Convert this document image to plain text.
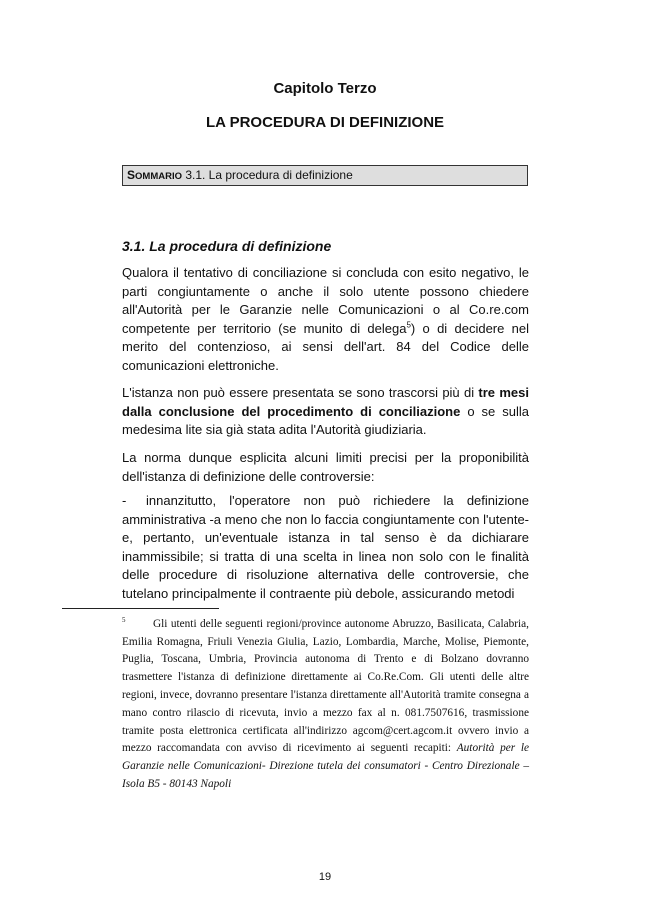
Capitolo Terzo
LA PROCEDURA DI DEFINIZIONE
SOMMARIO 3.1. La procedura di definizione
3.1. La procedura di definizione
Qualora il tentativo di conciliazione si concluda con esito negativo, le parti congiuntamente o anche il solo utente possono chiedere all'Autorità per le Garanzie nelle Comunicazioni o al Co.re.com competente per territorio (se munito di delega$^5$) o di decidere nel merito del contenzioso, ai sensi dell'art. 84 del Codice delle comunicazioni elettroniche.
L'istanza non può essere presentata se sono trascorsi più di tre mesi dalla conclusione del procedimento di conciliazione o se sulla medesima lite sia già stata adita l'Autorità giudiziaria.
La norma dunque esplicita alcuni limiti precisi per la proponibilità dell'istanza di definizione delle controversie:
- innanzitutto, l'operatore non può richiedere la definizione amministrativa -a meno che non lo faccia congiuntamente con l'utente- e, pertanto, un'eventuale istanza in tal senso è da dichiarare inammissibile; si tratta di una scelta in linea non solo con le finalità delle procedure di risoluzione alternativa delle controversie, che tutelano principalmente il contraente più debole, assicurando metodi
$^5$ Gli utenti delle seguenti regioni/province autonome Abruzzo, Basilicata, Calabria, Emilia Romagna, Friuli Venezia Giulia, Lazio, Lombardia, Marche, Molise, Piemonte, Puglia, Toscana, Umbria, Provincia autonoma di Trento e di Bolzano dovranno trasmettere l'istanza di definizione direttamente ai Co.Re.Com. Gli utenti delle altre regioni, invece, dovranno presentare l'istanza direttamente all'Autorità tramite consegna a mano contro rilascio di ricevuta, invio a mezzo fax al n. 081.7507616, trasmissione tramite posta elettronica certificata all'indirizzo agcom@cert.agcom.it ovvero invio a mezzo raccomandata con avviso di ricevimento ai seguenti recapiti: Autorità per le Garanzie nelle Comunicazioni- Direzione tutela dei consumatori - Centro Direzionale – Isola B5 - 80143 Napoli
19
